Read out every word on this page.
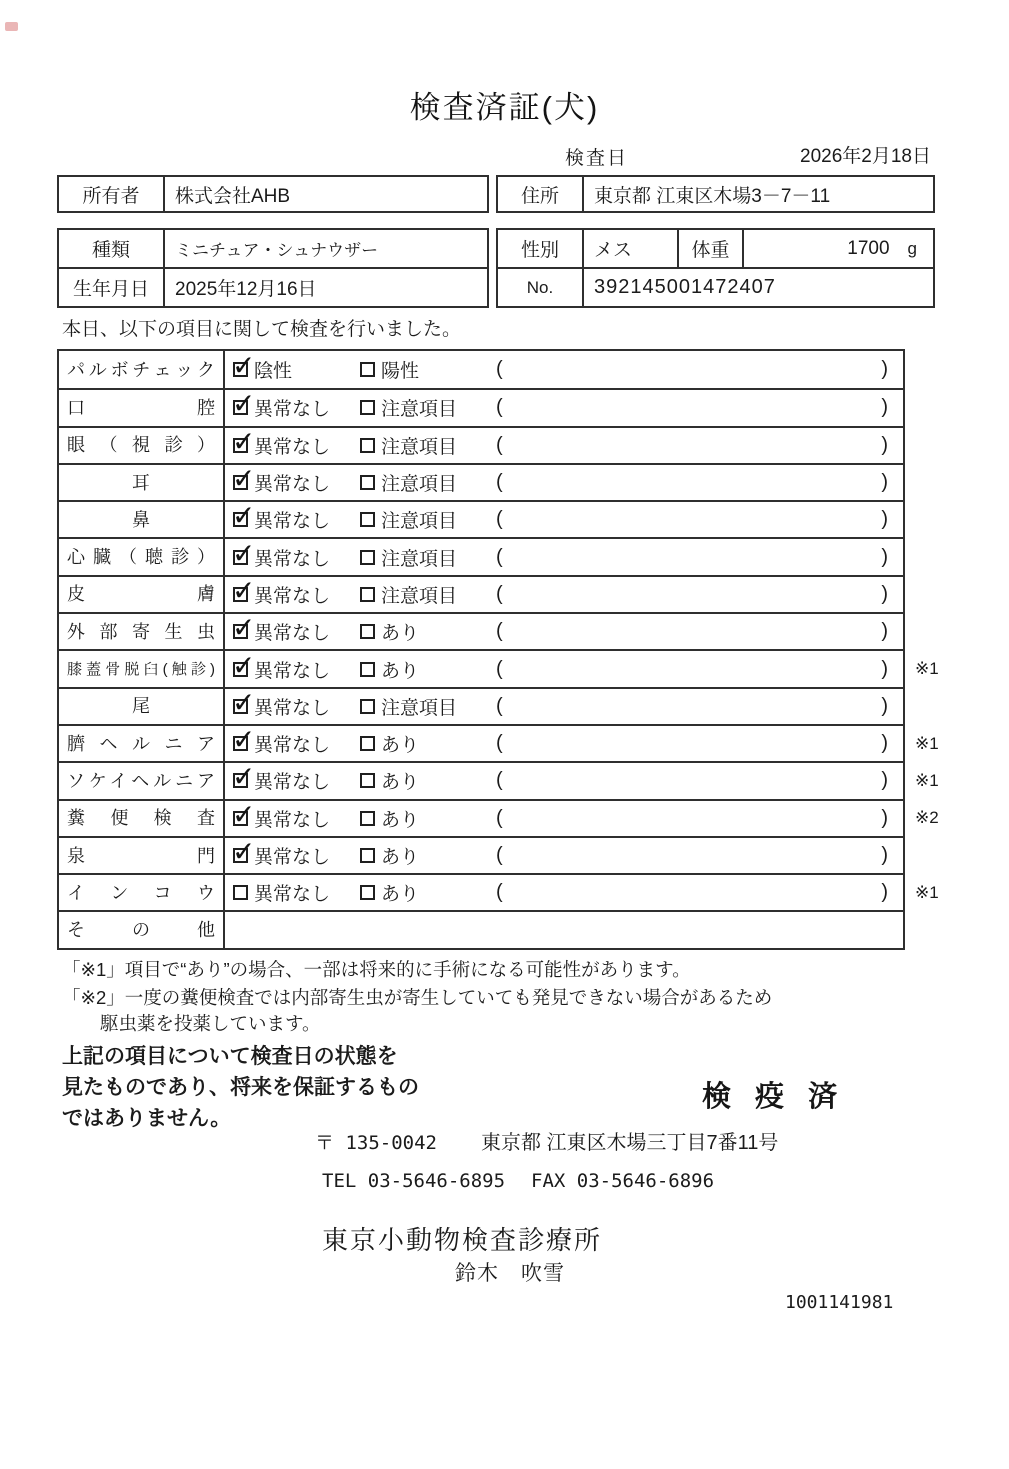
検査済証(犬)
検査日	2026年2月18日
所有者	株式会社AHB	住所	東京都 江東区木場3－7－11
種類	ミニチュア・シュナウザー
生年月日	2025年12月16日
性別	メス	体重	1700 g
No.	392145001472407
本日、以下の項目に関して検査を行いました。
パルボチェック ✓ 陰性	陽性	(	)
口腔 ✓ 異常なし	注意項目 (	)
眼（視診） ✓ 異常なし	注意項目 (	)
耳 ✓	異常なし	注意項目 (	)
鼻 ✓	異常なし	注意項目 (	)
心臓（聴診） ✓ 異常なし	注意項目 (	)
皮膚 ✓ 異常なし	注意項目 (	)
外部寄生虫 ✓ 異常なし	あり	(	)
膝蓋骨脱臼(触診) ✓ 異常なし	あり	(	) ※1
尾 ✓	異常なし	注意項目 (	)
臍ヘルニア ✓ 異常なし	あり	(	) ※1
ソケイヘルニア ✓ 異常なし	あり	(	) ※1
糞便検査 ✓ 異常なし	あり	(	) ※2
泉門 ✓ 異常なし	あり	(	)
インコウ 異常なし	あり	(	) ※1
その他
「※1」項目で“あり”の場合、一部は将来的に手術になる可能性があります。
「※2」一度の糞便検査では内部寄生虫が寄生していても発見できない場合があるため
駆虫薬を投薬しています。
上記の項目について検査日の状態を
見たものであり、将来を保証するもの
ではありません。
検 疫 済
〒 135-0042 東京都 江東区木場三丁目7番11号
TEL 03-5646-6895 FAX 03-5646-6896
東京小動物検査診療所
鈴木　吹雪
1001141981
